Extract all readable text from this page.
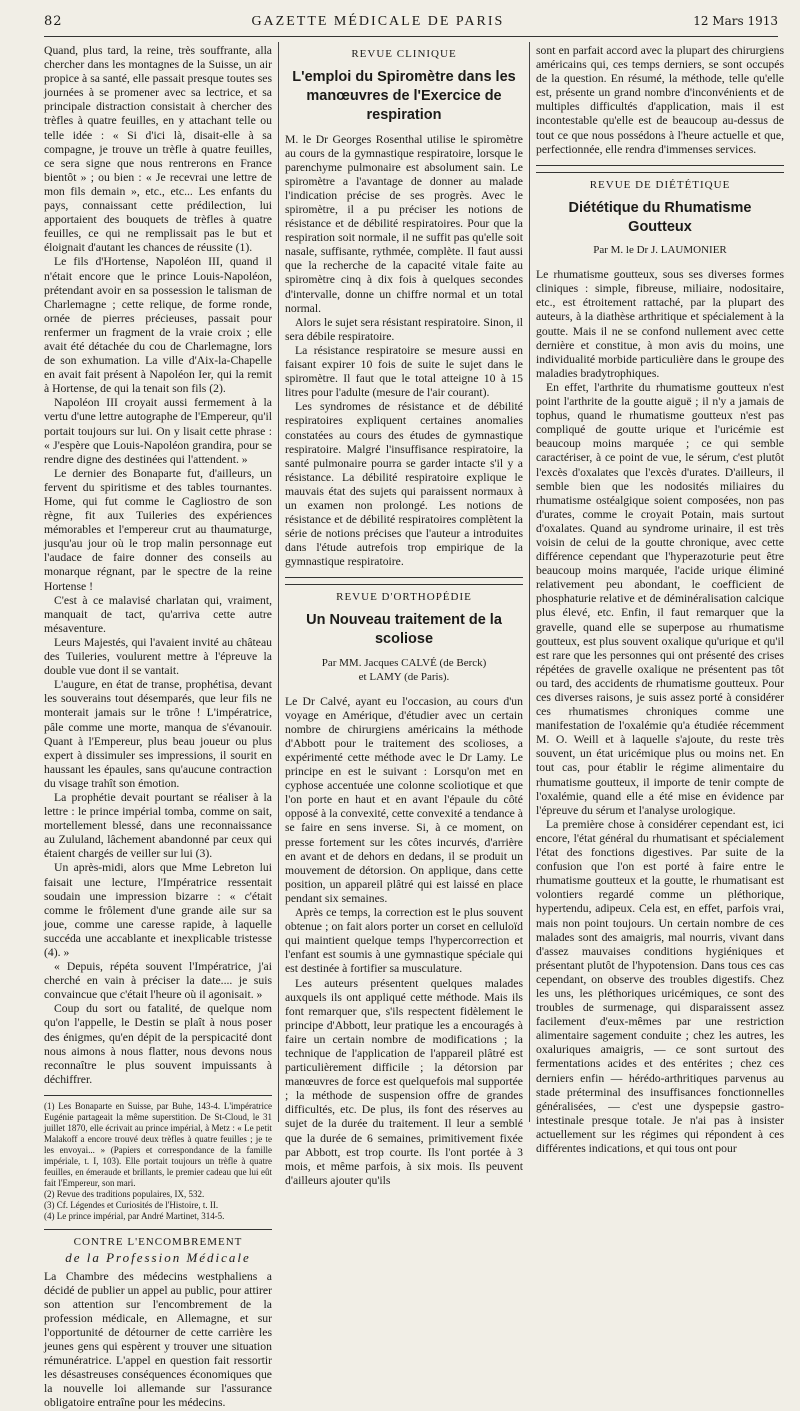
82	GAZETTE MÉDICALE DE PARIS	12 Mars 1913

Quand, plus tard, la reine, très souffrante, alla chercher dans les montagnes de la Suisse, un air propice à sa santé, elle passait presque toutes ses journées à se promener avec sa lectrice, et sa principale distraction consistait à chercher des trèfles à quatre feuilles, en y attachant telle ou telle idée : « Si d'ici là, disait-elle à sa compagne, je trouve un trèfle à quatre feuilles, ce sera signe que nous rentrerons en France bientôt » ; ou bien : « Je recevrai une lettre de mon fils demain », etc., etc... Les enfants du pays, connaissant cette prédilection, lui apportaient des bouquets de trèfles à quatre feuilles, ce qui ne remplissait pas le but et éloignait d'autant les chances de réussite (1).

Le fils d'Hortense, Napoléon III, quand il n'était encore que le prince Louis-Napoléon, prétendant avoir en sa possession le talisman de Charlemagne ; cette relique, de forme ronde, ornée de pierres précieuses, passait pour renfermer un fragment de la vraie croix ; elle avait été détachée du cou de Charlemagne, lors de son exhumation. La ville d'Aix-la-Chapelle en avait fait présent à Napoléon Ier, qui la remit à Hortense, de qui la tenait son fils (2).

Napoléon III croyait aussi fermement à la vertu d'une lettre autographe de l'Empereur, qu'il portait toujours sur lui. On y lisait cette phrase : « J'espère que Louis-Napoléon grandira, pour se rendre digne des destinées qui l'attendent. »

Le dernier des Bonaparte fut, d'ailleurs, un fervent du spiritisme et des tables tournantes. Home, qui fut comme le Cagliostro de son règne, fit aux Tuileries des expériences mémorables et l'empereur crut au thaumaturge, jusqu'au jour où le trop malin personnage eut l'audace de faire donner des conseils au monarque régnant, par le spectre de la reine Hortense !

C'est à ce malavisé charlatan qui, vraiment, manquait de tact, qu'arriva cette autre mésaventure.

Leurs Majestés, qui l'avaient invité au château des Tuileries, voulurent mettre à l'épreuve la double vue dont il se vantait.

L'augure, en état de transe, prophétisa, devant les souverains tout désemparés, que leur fils ne monterait jamais sur le trône ! L'impératrice, pâle comme une morte, manqua de s'évanouir. Quant à l'Empereur, plus beau joueur ou plus expert à dissimuler ses impressions, il sourit en haussant les épaules, sans qu'aucune contraction du visage trahît son émotion.

La prophétie devait pourtant se réaliser à la lettre : le prince impérial tomba, comme on sait, mortellement blessé, dans une reconnaissance au Zululand, lâchement abandonné par ceux qui étaient chargés de veiller sur lui (3).

Un après-midi, alors que Mme Lebreton lui faisait une lecture, l'Impératrice ressentait soudain une impression bizarre : « c'était comme le frôlement d'une grande aile sur sa joue, comme une caresse rapide, à laquelle succéda une accablante et inexplicable tristesse (4). »

« Depuis, répéta souvent l'Impératrice, j'ai cherché en vain à préciser la date.... je suis convaincue que c'était l'heure où il agonisait. »

Coup du sort ou fatalité, de quelque nom qu'on l'appelle, le Destin se plaît à nous poser des énigmes, qu'en dépit de la perspicacité dont nous aimons à nous flatter, nous devons nous reconnaître le plus souvent impuissants à déchiffrer.

(1) Les Bonaparte en Suisse, par Buhe, 143-4. L'impératrice Eugénie partageait la même superstition. De St-Cloud, le 31 juillet 1870, elle écrivait au prince impérial, à Metz : « Le petit Malakoff a encore trouvé deux trèfles à quatre feuilles ; je te les envoyai... » (Papiers et correspondance de la famille impériale, t. I, 103). Elle portait toujours un trèfle à quatre feuilles, en émeraude et brillants, le premier cadeau que lui eût fait l'Empereur, son mari.

(2) Revue des traditions populaires, IX, 532.

(3) Cf. Légendes et Curiosités de l'Histoire, t. II.

(4) Le prince impérial, par André Martinet, 314-5.

CONTRE L'ENCOMBREMENT
de la Profession Médicale

La Chambre des médecins westphaliens a décidé de publier un appel au public, pour attirer son attention sur l'encombrement de la profession médicale, en Allemagne, et sur l'opportunité de détourner de cette carrière les jeunes gens qui espèrent y trouver une situation rémunératrice. L'appel en question fait ressortir les désastreuses conséquences économiques que la nouvelle loi allemande sur l'assurance obligatoire entraîne pour les médecins.

REVUE CLINIQUE
L'emploi du Spiromètre dans les manœuvres de l'Exercice de respiration

M. le Dr Georges Rosenthal utilise le spiromètre au cours de la gymnastique respiratoire, lorsque le parenchyme pulmonaire est absolument sain. Le spiromètre a l'avantage de donner au malade l'indication précise de ses progrès. Avec le spiromètre, il a pu préciser les notions de résistance et de débilité respiratoires. Pour que la respiration soit normale, il ne suffit pas qu'elle soit nasale, suffisante, rythmée, complète. Il faut aussi que la recherche de la capacité vitale faite au spiromètre cinq à dix fois à quelques secondes d'intervalle, donne un chiffre normal et un total normal.

Alors le sujet sera résistant respiratoire. Sinon, il sera débile respiratoire.

La résistance respiratoire se mesure aussi en faisant expirer 10 fois de suite le sujet dans le spiromètre. Il faut que le total atteigne 10 à 15 litres pour l'adulte (mesure de l'air courant).

Les syndromes de résistance et de débilité respiratoires expliquent certaines anomalies constatées au cours des études de gymnastique respiratoire. Malgré l'insuffisance respiratoire, la santé pulmonaire pourra se garder intacte s'il y a résistance. La débilité respiratoire explique le mauvais état des sujets qui paraissent normaux à un examen non prolongé. Les notions de résistance et de débilité respiratoires complètent la série de notions précises que l'auteur a introduites dans l'étude autrefois trop empirique de la gymnastique respiratoire.

REVUE D'ORTHOPÉDIE
Un Nouveau traitement de la scoliose
Par MM. Jacques CALVÉ (de Berck)
et LAMY (de Paris).

Le Dr Calvé, ayant eu l'occasion, au cours d'un voyage en Amérique, d'étudier avec un certain nombre de chirurgiens américains la méthode d'Abbott pour le traitement des scolioses, a expérimenté cette méthode avec le Dr Lamy. Le principe en est le suivant : Lorsqu'on met en cyphose accentuée une colonne scoliotique et que l'on porte en haut et en avant l'épaule du côté opposé à la convexité, cette convexité a tendance à se faire en sens inverse. Si, à ce moment, on presse fortement sur les côtes incurvés, d'arrière en avant et de dehors en dedans, il se produit un mouvement de détorsion. On applique, dans cette position, un appareil plâtré qui est laissé en place pendant six semaines.

Après ce temps, la correction est le plus souvent obtenue ; on fait alors porter un corset en celluloïd qui maintient quelque temps l'hypercorrection et l'enfant est soumis à une gymnastique spéciale qui est destinée à fortifier sa musculature.

Les auteurs présentent quelques malades auxquels ils ont appliqué cette méthode. Mais ils font remarquer que, s'ils respectent fidèlement le principe d'Abbott, leur pratique les a encouragés à faire un certain nombre de modifications ; la technique de l'application de l'appareil plâtré est particulièrement difficile ; la détorsion par manœuvres de force est quelquefois mal supportée ; la méthode de suspension offre de grandes difficultés, etc. De plus, ils font des réserves au sujet de la durée du traitement. Il leur a semblé que la durée de 6 semaines, primitivement fixée par Abbott, est trop courte. Ils l'ont portée à 3 mois, et même parfois, à six mois. Ils peuvent d'ailleurs ajouter qu'ils

sont en parfait accord avec la plupart des chirurgiens américains qui, ces temps derniers, se sont occupés de la question. En résumé, la méthode, telle qu'elle est, présente un grand nombre d'inconvénients et de multiples difficultés d'application, mais il est incontestable qu'elle est de beaucoup au-dessus de tout ce que nous possédons à l'heure actuelle et que, perfectionnée, elle rendra d'immenses services.

REVUE DE DIÉTÉTIQUE
Diététique du Rhumatisme Goutteux
Par M. le Dr J. LAUMONIER

Le rhumatisme goutteux, sous ses diverses formes cliniques : simple, fibreuse, miliaire, nodositaire, etc., est étroitement rattaché, par la plupart des auteurs, à la diathèse arthritique et spécialement à la goutte. Mais il ne se confond nullement avec cette dernière et constitue, à mon avis du moins, une individualité morbide particulière dans le groupe des maladies bradytrophiques.

En effet, l'arthrite du rhumatisme goutteux n'est point l'arthrite de la goutte aiguë ; il n'y a jamais de tophus, quand le rhumatisme goutteux n'est pas compliqué de goutte urique et l'uricémie est beaucoup moins marquée ; ce qui semble caractériser, à ce point de vue, le sérum, c'est plutôt l'excès d'oxalates que l'excès d'urates. D'ailleurs, il semble bien que les nodosités miliaires du rhumatisme ostéalgique soient composées, non pas d'urates, comme le croyait Potain, mais surtout d'oxalates. Quand au syndrome urinaire, il est très voisin de celui de la goutte chronique, avec cette différence cependant que l'hyperazoturie peut être beaucoup moins marquée, l'acide urique éliminé relativement peu abondant, le coefficient de phosphaturie relative et de déminéralisation calcique plus élevé, etc. Enfin, il faut remarquer que la gravelle, quand elle se superpose au rhumatisme goutteux, est plus souvent oxalique qu'urique et qu'il est rare que les personnes qui ont présenté des crises répétées de gravelle oxalique ne présentent pas tôt ou tard, des accidents de rhumatisme goutteux. Pour ces diverses raisons, je suis assez porté à considérer ces rhumatismes chroniques comme une manifestation de l'oxalémie qu'a étudiée récemment M. O. Weill et à laquelle s'ajoute, du reste très souvent, un état uricémique plus ou moins net. En tout cas, pour établir le régime alimentaire du rhumatisme goutteux, il importe de tenir compte de l'oxalémie, quand elle a été mise en évidence par l'épreuve du sérum et l'analyse urologique.

La première chose à considérer cependant est, ici encore, l'état général du rhumatisant et spécialement l'état des fonctions digestives. Par suite de la confusion que l'on est porté à faire entre le rhumatisme goutteux et la goutte, le rhumatisant est volontiers regardé comme un pléthorique, hypertendu, adipeux. Cela est, en effet, parfois vrai, mais non point toujours. Un certain nombre de ces malades sont des amaigris, mal nourris, vivant dans d'assez mauvaises conditions hygiéniques et présentant plutôt de l'hypotension. Dans tous ces cas cependant, on observe des troubles digestifs. Chez les uns, les pléthoriques uricémiques, ce sont des troubles de surmenage, qui disparaissent assez facilement d'eux-mêmes par une restriction alimentaire sagement conduite ; chez les autres, les oxaluriques amaigris, — ce sont surtout des fermentations acides et des entérites ; chez ces derniers enfin — hérédo-arthritiques parvenus au stade préterminal des insuffisances fonctionnelles généralisées, — c'est une dyspepsie gastro-intestinale presque totale. Je n'ai pas à insister actuellement sur les régimes qui répondent à ces différentes indications, et qui tous ont pour
